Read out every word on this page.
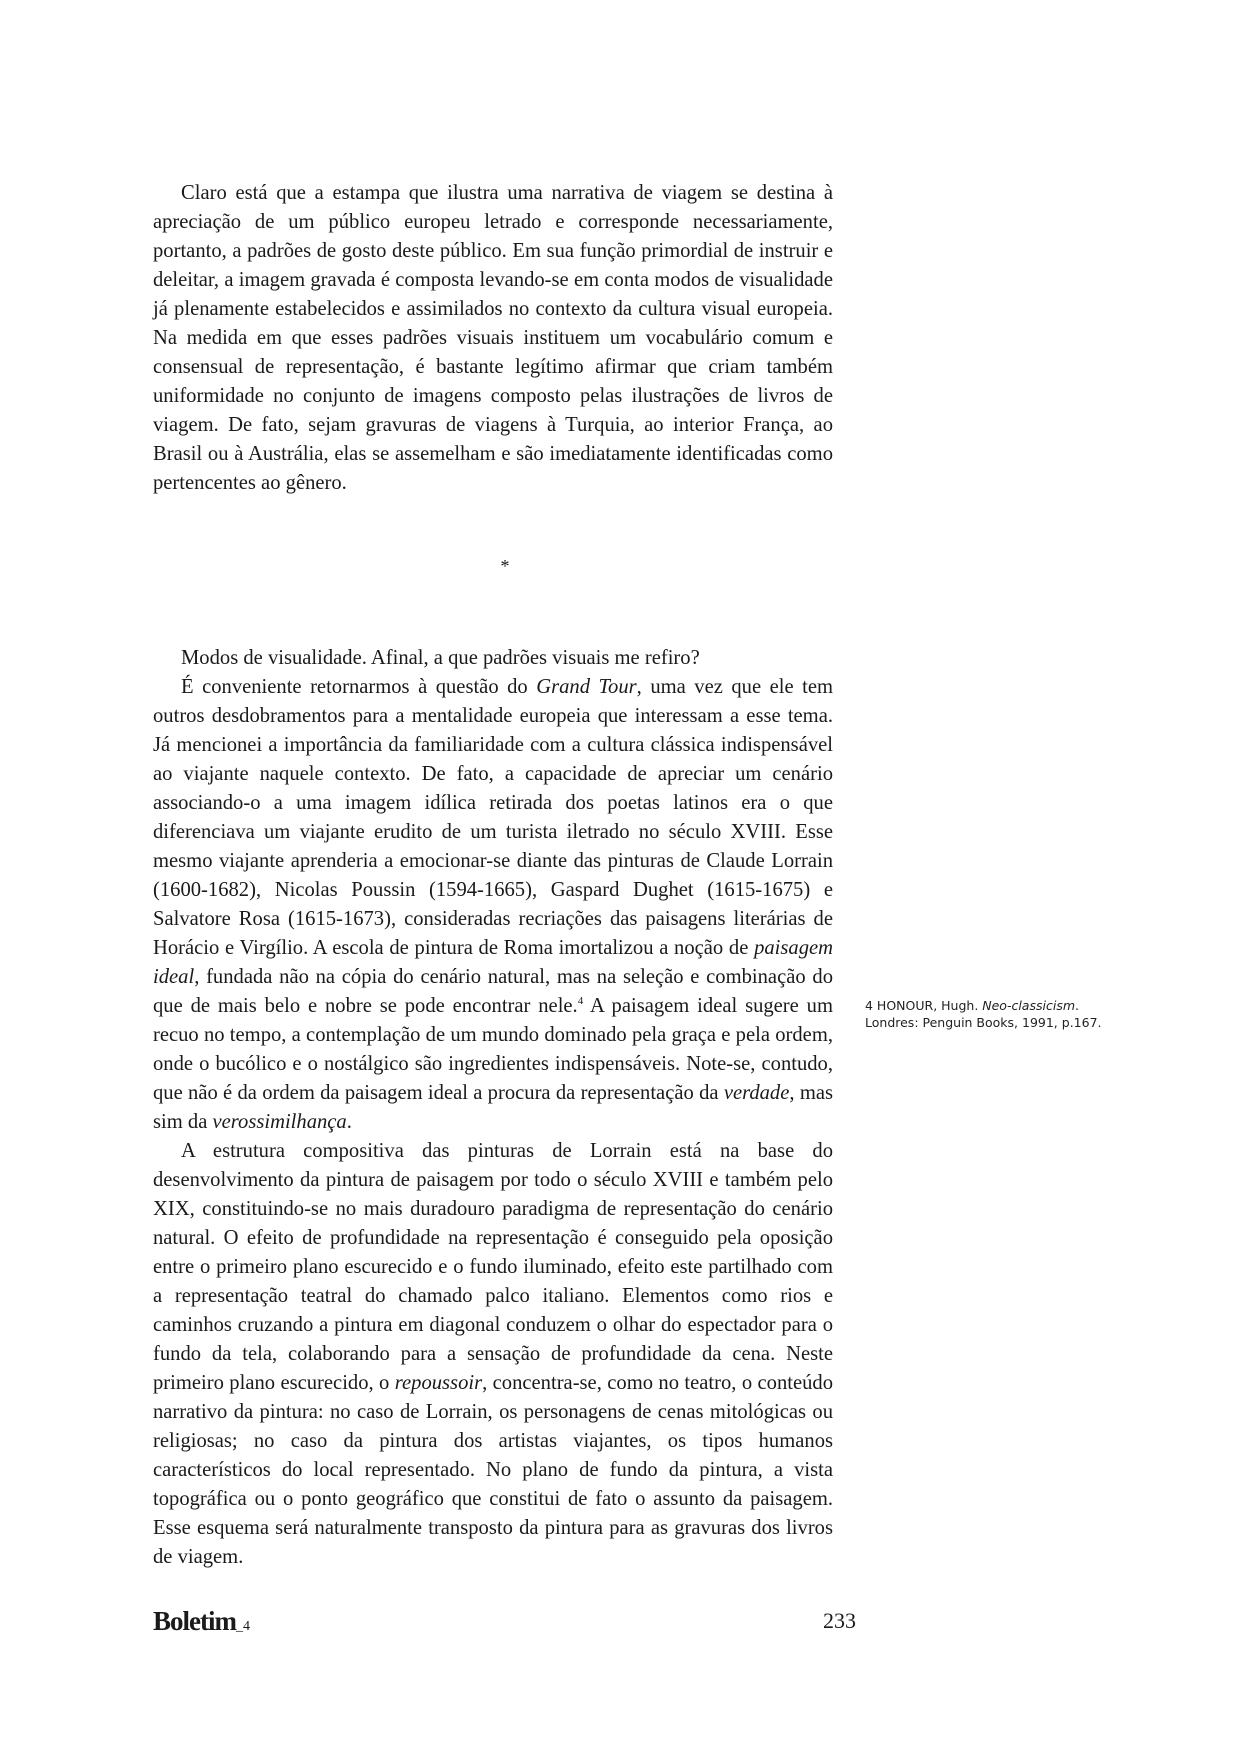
Claro está que a estampa que ilustra uma narrativa de viagem se destina à apreciação de um público europeu letrado e corresponde necessariamente, portanto, a padrões de gosto deste público. Em sua função primordial de instruir e deleitar, a imagem gravada é composta levando-se em conta modos de visualidade já plenamente estabelecidos e assimilados no contexto da cultura visual europeia. Na medida em que esses padrões visuais instituem um vocabulário comum e consensual de representação, é bastante legítimo afirmar que criam também uniformidade no conjunto de imagens composto pelas ilustrações de livros de viagem. De fato, sejam gravuras de viagens à Turquia, ao interior França, ao Brasil ou à Austrália, elas se assemelham e são imediatamente identificadas como pertencentes ao gênero.

*

Modos de visualidade. Afinal, a que padrões visuais me refiro?

É conveniente retornarmos à questão do Grand Tour, uma vez que ele tem outros desdobramentos para a mentalidade europeia que interessam a esse tema. Já mencionei a importância da familiaridade com a cultura clássica indispensável ao viajante naquele contexto. De fato, a capacidade de apreciar um cenário associando-o a uma imagem idílica retirada dos poetas latinos era o que diferenciava um viajante erudito de um turista iletrado no século XVIII. Esse mesmo viajante aprenderia a emocionar-se diante das pinturas de Claude Lorrain (1600-1682), Nicolas Poussin (1594-1665), Gaspard Dughet (1615-1675) e Salvatore Rosa (1615-1673), consideradas recriações das paisagens literárias de Horácio e Virgílio. A escola de pintura de Roma imortalizou a noção de paisagem ideal, fundada não na cópia do cenário natural, mas na seleção e combinação do que de mais belo e nobre se pode encontrar nele.$^4$ A paisagem ideal sugere um recuo no tempo, a contemplação de um mundo dominado pela graça e pela ordem, onde o bucólico e o nostálgico são ingredientes indispensáveis. Note-se, contudo, que não é da ordem da paisagem ideal a procura da representação da verdade, mas sim da verossimilhança.

A estrutura compositiva das pinturas de Lorrain está na base do desenvolvimento da pintura de paisagem por todo o século XVIII e também pelo XIX, constituindo-se no mais duradouro paradigma de representação do cenário natural. O efeito de profundidade na representação é conseguido pela oposição entre o primeiro plano escurecido e o fundo iluminado, efeito este partilhado com a representação teatral do chamado palco italiano. Elementos como rios e caminhos cruzando a pintura em diagonal conduzem o olhar do espectador para o fundo da tela, colaborando para a sensação de profundidade da cena. Neste primeiro plano escurecido, o repoussoir, concentra-se, como no teatro, o conteúdo narrativo da pintura: no caso de Lorrain, os personagens de cenas mitológicas ou religiosas; no caso da pintura dos artistas viajantes, os tipos humanos característicos do local representado. No plano de fundo da pintura, a vista topográfica ou o ponto geográfico que constitui de fato o assunto da paisagem. Esse esquema será naturalmente transposto da pintura para as gravuras dos livros de viagem.

4 HONOUR, Hugh. Neo-classicism. Londres: Penguin Books, 1991, p.167.
Boletim_4	233
